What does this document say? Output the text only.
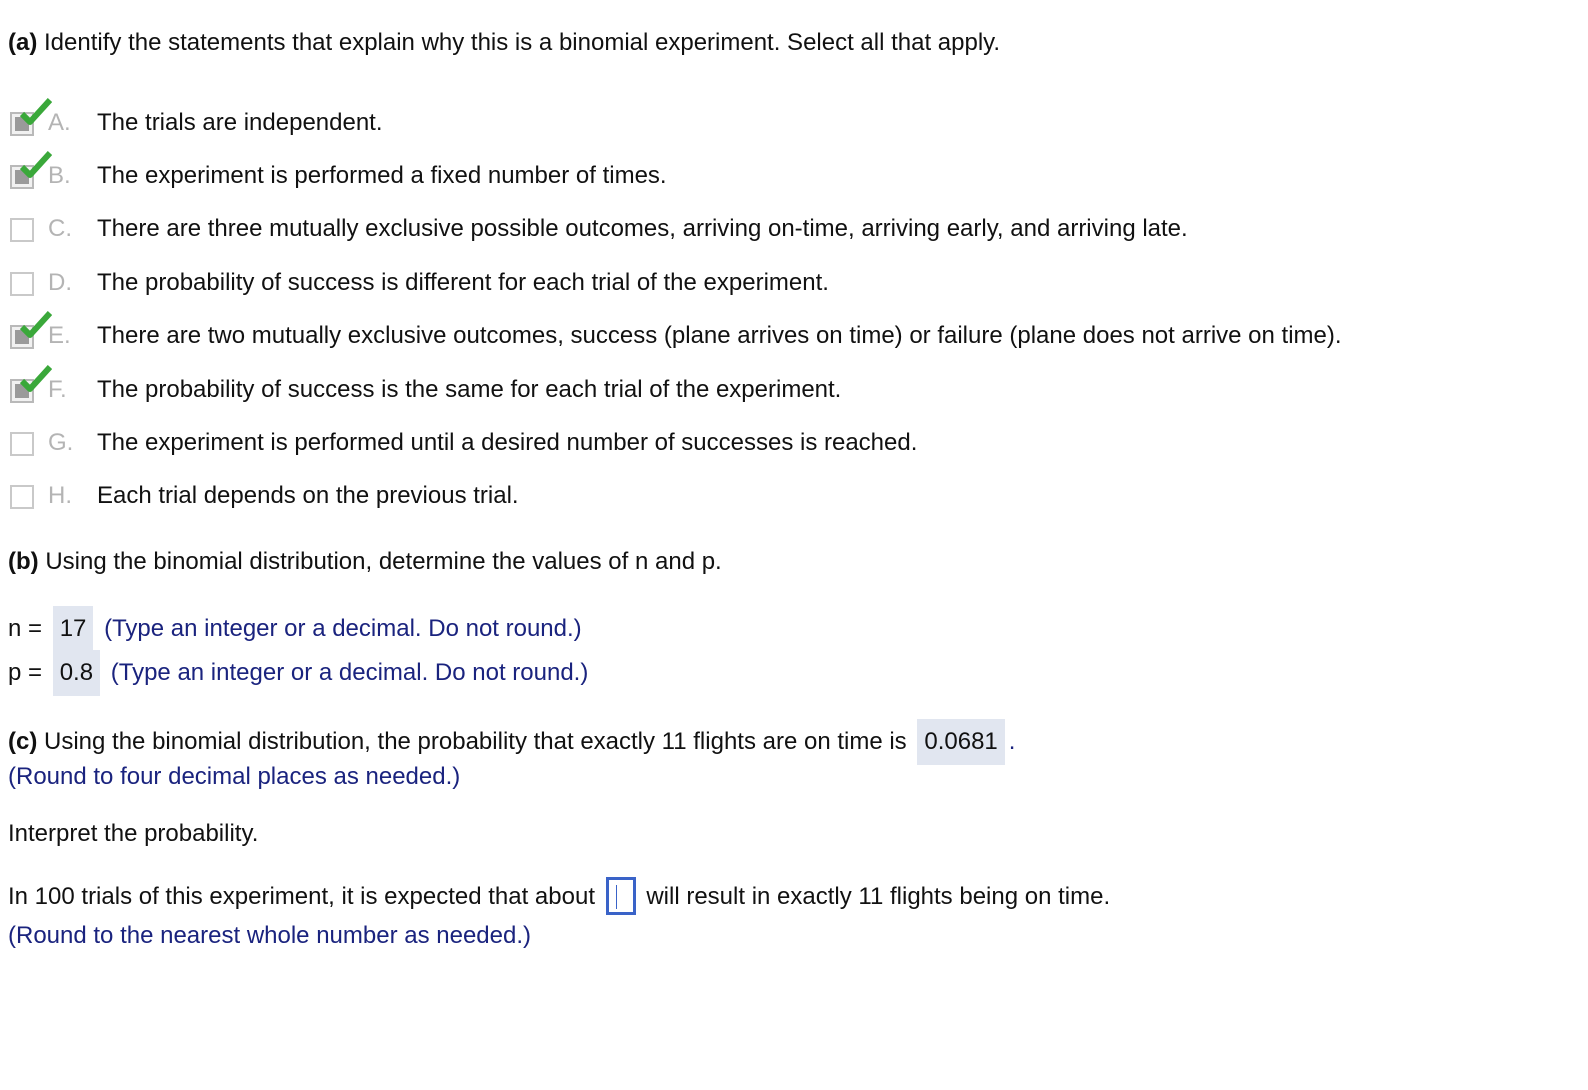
(a) Identify the statements that explain why this is a binomial experiment. Select all that apply.
A.	The trials are independent.
B.	The experiment is performed a fixed number of times.
C.	There are three mutually exclusive possible outcomes, arriving on-time, arriving early, and arriving late.
D.	The probability of success is different for each trial of the experiment.
E.	There are two mutually exclusive outcomes, success (plane arrives on time) or failure (plane does not arrive on time).
F.	The probability of success is the same for each trial of the experiment.
G. The experiment is performed until a desired number of successes is reached.
H.	Each trial depends on the previous trial.
(b) Using the binomial distribution, determine the values of n and p.
n = 17 (Type an integer or a decimal. Do not round.)
p = 0.8 (Type an integer or a decimal. Do not round.)
(c) Using the binomial distribution, the probability that exactly 11 flights are on time is 0.0681 .
(Round to four decimal places as needed.)
Interpret the probability.
In 100 trials of this experiment, it is expected that about will result in exactly 11 flights being on time.
(Round to the nearest whole number as needed.)
